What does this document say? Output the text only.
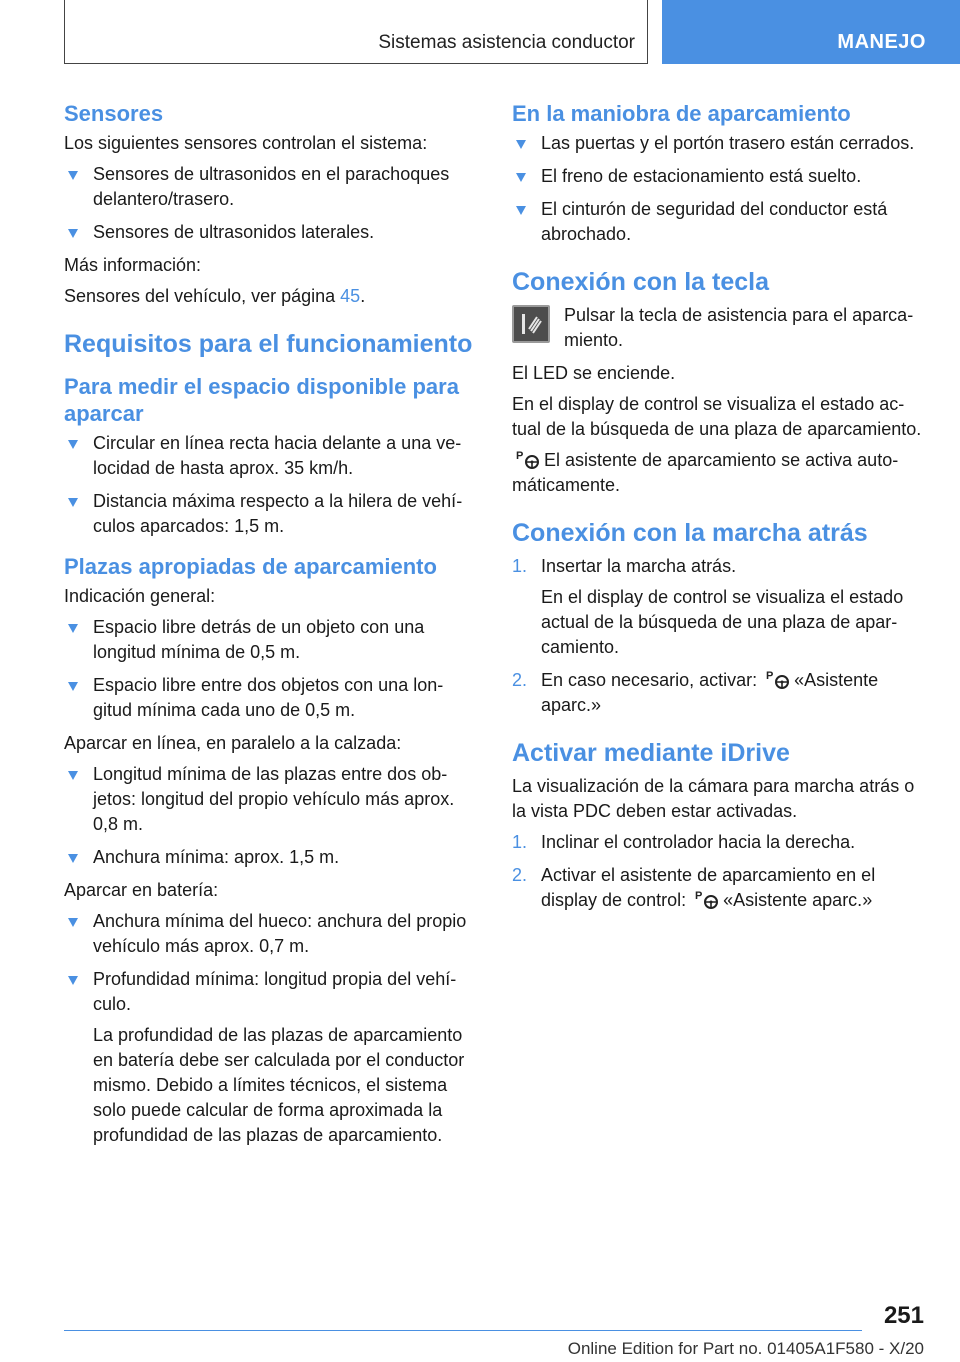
Sistemas asistencia conductor	MANEJO
Sensores

Los siguientes sensores controlan el sistema:

Sensores de ultrasonidos en el parachoques delantero/trasero.
Sensores de ultrasonidos laterales.

Más información:

Sensores del vehículo, ver página 45.

Requisitos para el funcionamiento
Para medir el espacio disponible para aparcar
Circular en línea recta hacia delante a una velocidad de hasta aprox. 35 km/h.
Distancia máxima respecto a la hilera de vehículos aparcados: 1,5 m.
Plazas apropiadas de aparcamiento

Indicación general:

Espacio libre detrás de un objeto con una longitud mínima de 0,5 m.
Espacio libre entre dos objetos con una longitud mínima cada uno de 0,5 m.

Aparcar en línea, en paralelo a la calzada:

Longitud mínima de las plazas entre dos objetos: longitud del propio vehículo más aprox. 0,8 m.
Anchura mínima: aprox. 1,5 m.

Aparcar en batería:

Anchura mínima del hueco: anchura del propio vehículo más aprox. 0,7 m.
Profundidad mínima: longitud propia del vehículo.
La profundidad de las plazas de aparcamiento en batería debe ser calculada por el conductor mismo. Debido a límites técnicos, el sistema solo puede calcular de forma aproximada la profundidad de las plazas de aparcamiento.
En la maniobra de aparcamiento
Las puertas y el portón trasero están cerrados.
El freno de estacionamiento está suelto.
El cinturón de seguridad del conductor está abrochado.
Conexión con la tecla
Pulsar la tecla de asistencia para el aparcamiento.

El LED se enciende.

En el display de control se visualiza el estado actual de la búsqueda de una plaza de aparcamiento.

P El asistente de aparcamiento se activa automáticamente.

Conexión con la marcha atrás
1. Insertar la marcha atrás.
En el display de control se visualiza el estado actual de la búsqueda de una plaza de aparcamiento.
2. En caso necesario, activar: P «Asistente aparc.»
Activar mediante iDrive

La visualización de la cámara para marcha atrás o la vista PDC deben estar activadas.

1. Inclinar el controlador hacia la derecha.
2. Activar el asistente de aparcamiento en el display de control: P «Asistente aparc.»
251
Online Edition for Part no. 01405A1F580 - X/20
